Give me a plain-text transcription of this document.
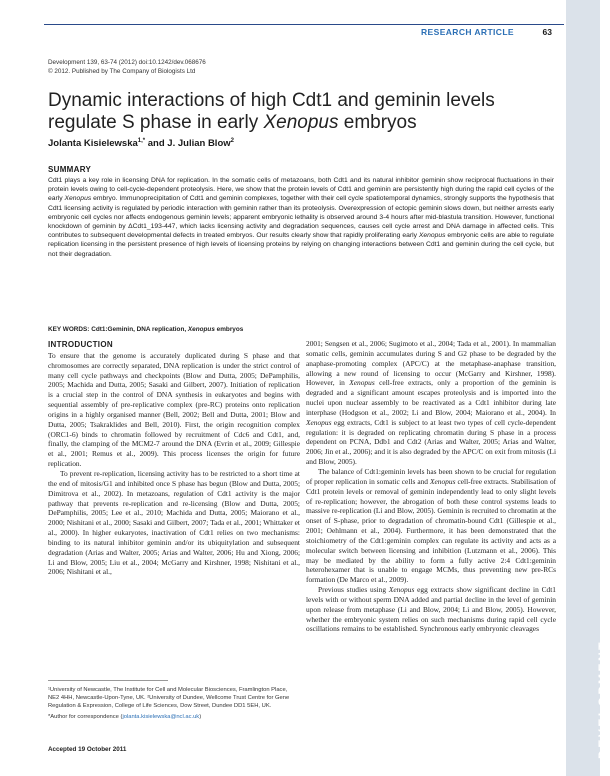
RESEARCH ARTICLE	63
DEVELOPMENT
Development 139, 63-74 (2012) doi:10.1242/dev.068676
© 2012. Published by The Company of Biologists Ltd
Dynamic interactions of high Cdt1 and geminin levels regulate S phase in early Xenopus embryos
Jolanta Kisielewska$^{1,*}$ and J. Julian Blow$^2$
SUMMARY
Cdt1 plays a key role in licensing DNA for replication. In the somatic cells of metazoans, both Cdt1 and its natural inhibitor geminin show reciprocal fluctuations in their protein levels owing to cell-cycle-dependent proteolysis. Here, we show that the protein levels of Cdt1 and geminin are persistently high during the rapid cell cycles of the early Xenopus embryo. Immunoprecipitation of Cdt1 and geminin complexes, together with their cell cycle spatiotemporal dynamics, strongly supports the hypothesis that Cdt1 licensing activity is regulated by periodic interaction with geminin rather than its proteolysis. Overexpression of ectopic geminin slows down, but neither arrests early embryonic cell cycles nor affects endogenous geminin levels; apparent embryonic lethality is observed around 3-4 hours after mid-blastula transition. However, functional knockdown of geminin by ΔCdt1_193-447, which lacks licensing activity and degradation sequences, causes cell cycle arrest and DNA damage in affected cells. This contributes to subsequent developmental defects in treated embryos. Our results clearly show that rapidly proliferating early Xenopus embryonic cells are able to regulate replication licensing in the persistent presence of high levels of licensing proteins by relying on changing interactions between Cdt1 and geminin during the cell cycle, but not their degradation.
KEY WORDS: Cdt1:Geminin, DNA replication, Xenopus embryos
INTRODUCTION

To ensure that the genome is accurately duplicated during S phase and that chromosomes are correctly separated, DNA replication is under the strict control of many cell cycle pathways and checkpoints (Blow and Dutta, 2005; DePamphilis, 2005; Machida and Dutta, 2005; Sasaki and Gilbert, 2007). Initiation of replication is a crucial step in the control of DNA synthesis in eukaryotes and begins with sequential assembly of pre-replicative complex (pre-RC) proteins onto replication origins in a highly organised manner (Bell, 2002; Bell and Dutta, 2001; Blow and Dutta, 2005; Tsakraklides and Bell, 2010). First, the origin recognition complex (ORC1-6) binds to chromatin followed by recruitment of Cdc6 and Cdt1, and, finally, the clamping of the MCM2-7 around the DNA (Evrin et al., 2009; Gillespie et al., 2001; Remus et al., 2009). This process licenses the origin for future replication.

To prevent re-replication, licensing activity has to be restricted to a short time at the end of mitosis/G1 and inhibited once S phase has begun (Blow and Dutta, 2005; Dimitrova et al., 2002). In metazoans, regulation of Cdt1 activity is the major pathway that prevents re-replication and re-licensing (Blow and Dutta, 2005; DePamphilis, 2005; Lee et al., 2010; Machida and Dutta, 2005; Maiorano et al., 2000; Nishitani et al., 2000; Sasaki and Gilbert, 2007; Tada et al., 2001; Whittaker et al., 2000). In higher eukaryotes, inactivation of Cdt1 relies on two mechanisms: binding to its natural inhibitor geminin and/or its ubiquitylation and subsequent degradation (Arias and Walter, 2005; Arias and Walter, 2006; Hu and Xiong, 2006; Li and Blow, 2005; Liu et al., 2004; McGarry and Kirshner, 1998; Nishitani et al., 2006; Nishitani et al.,

2001; Sengsen et al., 2006; Sugimoto et al., 2004; Tada et al., 2001). In mammalian somatic cells, geminin accumulates during S and G2 phase to be degraded by the anaphase-promoting complex (APC/C) at the metaphase-anaphase transition, allowing a new round of licensing to occur (McGarry and Kirshner, 1998). However, in Xenopus cell-free extracts, only a proportion of the geminin is degraded and a significant amount escapes proteolysis and is imported into the nuclei upon nuclear assembly to be reactivated as a Cdt1 inhibitor during late interphase (Hodgson et al., 2002; Li and Blow, 2004; Maiorano et al., 2004). In Xenopus egg extracts, Cdt1 is subject to at least two types of cell cycle-dependent regulation: it is degraded on replicating chromatin during S phase in a process dependent on PCNA, Ddb1 and Cdt2 (Arias and Walter, 2005; Arias and Walter, 2006; Jin et al., 2006); and it is also degraded by the APC/C on exit from mitosis (Li and Blow, 2005).

The balance of Cdt1:geminin levels has been shown to be crucial for regulation of proper replication in somatic cells and Xenopus cell-free extracts. Stabilisation of Cdt1 protein levels or removal of geminin independently lead to only slight levels of re-replication; however, the abrogation of both these control systems leads to massive re-replication (Li and Blow, 2005). Geminin is recruited to chromatin at the onset of S-phase, prior to degradation of chromatin-bound Cdt1 (Gillespie et al., 2001; Oehlmann et al., 2004). Furthermore, it has been demonstrated that the stoichiometry of the Cdt1:geminin complex can regulate its activity and acts as a molecular switch between licensing and inhibition (Lutzmann et al., 2006). This may be mediated by the ability to form a fully active 2:4 Cdt1:geminin heterohexamer that is unable to engage MCMs, thus preventing new pre-RCs formation (De Marco et al., 2009).

Previous studies using Xenopus egg extracts show significant decline in Cdt1 levels with or without sperm DNA added and partial decline in the level of geminin upon release from metaphase (Li and Blow, 2004; Li and Blow, 2005). However, whether the embryonic system relies on such mechanisms during rapid cell cycle oscillations remains to be established. Synchronous early embryonic cleavages

¹University of Newcastle, The Institute for Cell and Molecular Biosciences, Framlington Place, NE2 4HH, Newcastle-Upon-Tyne, UK. ²University of Dundee, Wellcome Trust Centre for Gene Regulation & Expression, College of Life Sciences, Dow Street, Dundee DD1 5EH, UK.
*Author for correspondence (jolanta.kisielewska@ncl.ac.uk)
Accepted 19 October 2011
